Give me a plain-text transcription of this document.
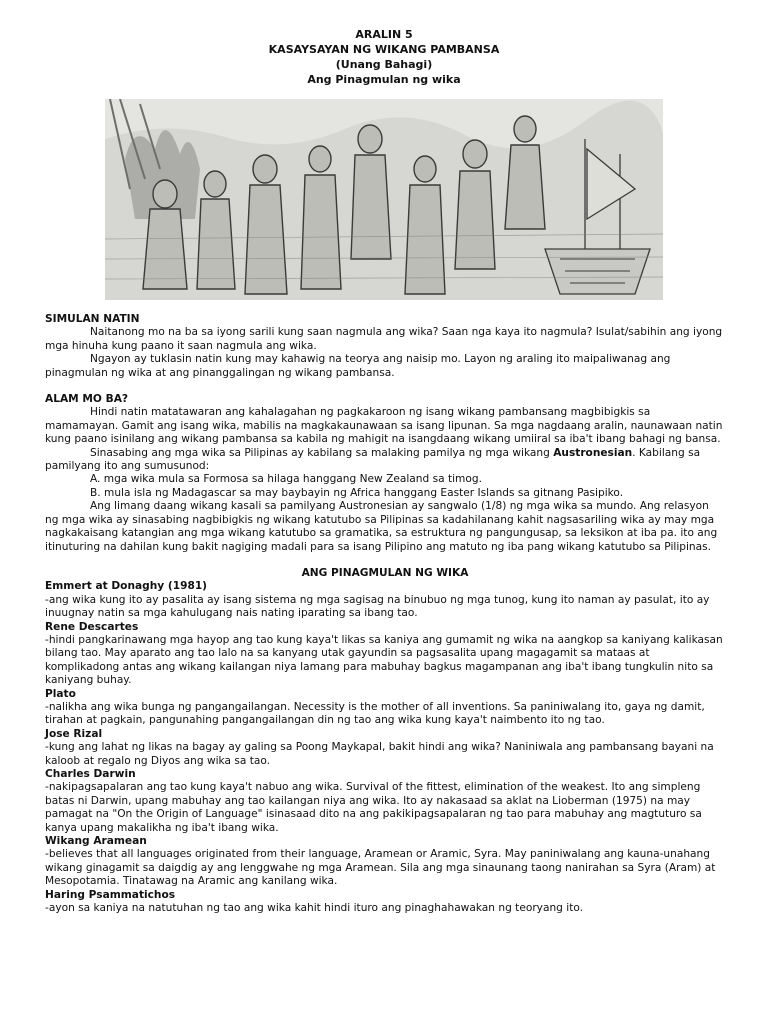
ARALIN 5
KASAYSAYAN NG WIKANG PAMBANSA
(Unang Bahagi)
Ang Pinagmulan ng wika

SIMULAN NATIN

Naitanong mo na ba sa iyong sarili kung saan nagmula ang wika? Saan nga kaya ito nagmula? Isulat/sabihin ang iyong mga hinuha kung paano it saan nagmula ang wika.

Ngayon ay tuklasin natin kung may kahawig na teorya ang naisip mo. Layon ng araling ito maipaliwanag ang pinagmulan ng wika at ang pinanggalingan ng wikang pambansa.

ALAM MO BA?

Hindi natin matatawaran ang kahalagahan ng pagkakaroon ng isang wikang pambansang magbibigkis sa mamamayan. Gamit ang isang wika, mabilis na magkakaunawaan sa isang lipunan. Sa mga nagdaang aralin, naunawaan natin kung paano isinilang ang wikang pambansa sa kabila ng mahigit na isangdaang wikang umiiral sa iba't ibang bahagi ng bansa.

Sinasabing ang mga wika sa Pilipinas ay kabilang sa malaking pamilya ng mga wikang Austronesian. Kabilang sa pamilyang ito ang sumusunod:

A. mga wika mula sa Formosa sa hilaga hanggang New Zealand sa timog.

B. mula isla ng Madagascar sa may baybayin ng Africa hanggang Easter Islands sa gitnang Pasipiko.

Ang limang daang wikang kasali sa pamilyang Austronesian ay sangwalo (1/8) ng mga wika sa mundo. Ang relasyon ng mga wika ay sinasabing nagbibigkis ng wikang katutubo sa Pilipinas sa kadahilanang kahit nagsasariling wika ay may mga nagkakaisang katangian ang mga wikang katutubo sa gramatika, sa estruktura ng pangungusap, sa leksikon at iba pa. ito ang itinuturing na dahilan kung bakit nagiging madali para sa isang Pilipino ang matuto ng iba pang wikang katutubo sa Pilipinas.

ANG PINAGMULAN NG WIKA

Emmert at Donaghy (1981)

-ang wika kung ito ay pasalita ay isang sistema ng mga sagisag na binubuo ng mga tunog, kung ito naman ay pasulat, ito ay inuugnay natin sa mga kahulugang nais nating iparating sa ibang tao.

Rene Descartes

-hindi pangkarinawang mga hayop ang tao kung kaya't likas sa kaniya ang gumamit ng wika na aangkop sa kaniyang kalikasan bilang tao. May aparato ang tao lalo na sa kanyang utak gayundin sa pagsasalita upang magagamit sa mataas at komplikadong antas ang wikang kailangan niya lamang para mabuhay bagkus magampanan ang iba't ibang tungkulin nito sa kaniyang buhay.

Plato

-nalikha ang wika bunga ng pangangailangan. Necessity is the mother of all inventions. Sa paniniwalang ito, gaya ng damit, tirahan at pagkain, pangunahing pangangailangan din ng tao ang wika kung kaya't naimbento ito ng tao.

Jose Rizal

-kung ang lahat ng likas na bagay ay galing sa Poong Maykapal, bakit hindi ang wika? Naniniwala ang pambansang bayani na kaloob at regalo ng Diyos ang wika sa tao.

Charles Darwin

-nakipagsapalaran ang tao kung kaya't nabuo ang wika. Survival of the fittest, elimination of the weakest. Ito ang simpleng batas ni Darwin, upang mabuhay ang tao kailangan niya ang wika. Ito ay nakasaad sa aklat na Lioberman (1975) na may pamagat na "On the Origin of Language" isinasaad dito na ang pakikipagsapalaran ng tao para mabuhay ang magtuturo sa kanya upang makalikha ng iba't ibang wika.

Wikang Aramean

-believes that all languages originated from their language, Aramean or Aramic, Syra. May paniniwalang ang kauna-unahang wikang ginagamit sa daigdig ay ang lenggwahe ng mga Aramean. Sila ang mga sinaunang taong nanirahan sa Syra (Aram) at Mesopotamia. Tinatawag na Aramic ang kanilang wika.

Haring Psammatichos

-ayon sa kaniya na natutuhan ng tao ang wika kahit hindi ituro ang pinaghahawakan ng teoryang ito.
